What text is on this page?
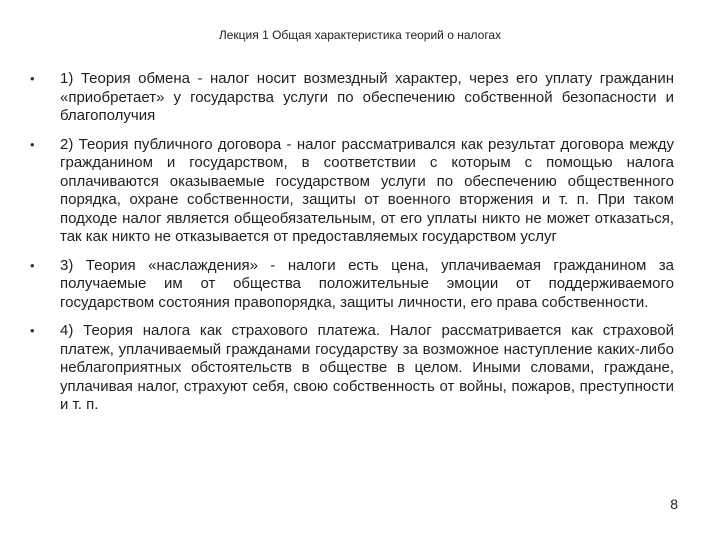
Лекция 1 Общая характеристика теорий о налогах
• 1) Теория обмена - налог носит возмездный характер, через его уплату гражданин «приобретает» у государства услуги по обеспечению собственной безопасности и благополучия
• 2) Теория публичного договора - налог рассматривался как результат договора между гражданином и государством, в соответствии с которым с помощью налога оплачиваются оказываемые государством услуги по обеспечению общественного порядка, охране собственности, защиты от военного вторжения и т. п. При таком подходе налог является общеобязательным, от его уплаты никто не может отказаться, так как никто не отказывается от предоставляемых государством услуг
• 3) Теория «наслаждения» - налоги есть цена, уплачиваемая гражданином за получаемые им от общества положительные эмоции от поддерживаемого государством состояния правопорядка, защиты личности, его права собственности.
• 4) Теория налога как страхового платежа. Налог рассматривается как страховой платеж, уплачиваемый гражданами государству за возможное наступление каких-либо неблагоприятных обстоятельств в обществе в целом. Иными словами, граждане, уплачивая налог, страхуют себя, свою собственность от войны, пожаров, преступности и т. п.
8
